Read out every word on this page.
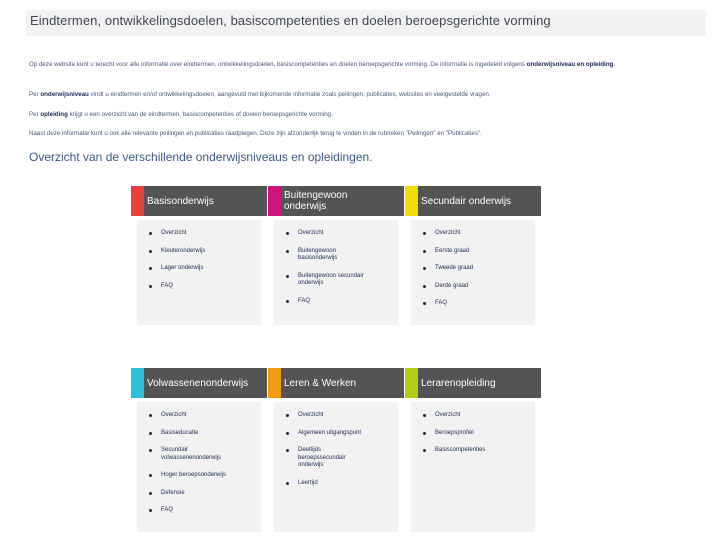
Eindtermen, ontwikkelingsdoelen, basiscompetenties en doelen beroepsgerichte vorming
Op deze website kunt u terecht voor alle informatie over eindtermen, ontwikkelingsdoelen, basiscompetenties en doelen beroepsgerichte vorming. De informatie is ingedeeld volgens onderwijsniveau en opleiding.
Per onderwijsniveau vindt u eindtermen en/of ontwikkelingsdoelen, aangevuld met bijkomende informatie zoals peilingen, publicaties, websites en veelgestelde vragen.
Per opleiding krijgt u een overzicht van de eindtermen, basiscompetenties of doelen beroepsgerichte vorming.
Naast deze informatie kunt u ook alle relevante peilingen en publicaties raadplegen. Deze zijn afzonderlijk terug te vinden in de rubrieken "Peilingen" en "Publicaties".
Overzicht van de verschillende onderwijsniveaus en opleidingen.
Basisonderwijs
Overzicht
Kleuteronderwijs
Lager onderwijs
FAQ
Buitengewoon onderwijs
Overzicht
Buitengewoon basisonderwijs
Buitengewoon secundair onderwijs
FAQ
Secundair onderwijs
Overzicht
Eerste graad
Tweede graad
Derde graad
FAQ
Volwassenenonderwijs
Overzicht
Basiseducatie
Secundair volwassenenonderwijs
Hoger beroepsonderwijs
Defensie
FAQ
Leren & Werken
Overzicht
Algemeen uitgangspunt
Deeltijds beroepssecundair onderwijs
Leertijd
Lerarenopleiding
Overzicht
Beroepsprofiel
Basiscompetenties
